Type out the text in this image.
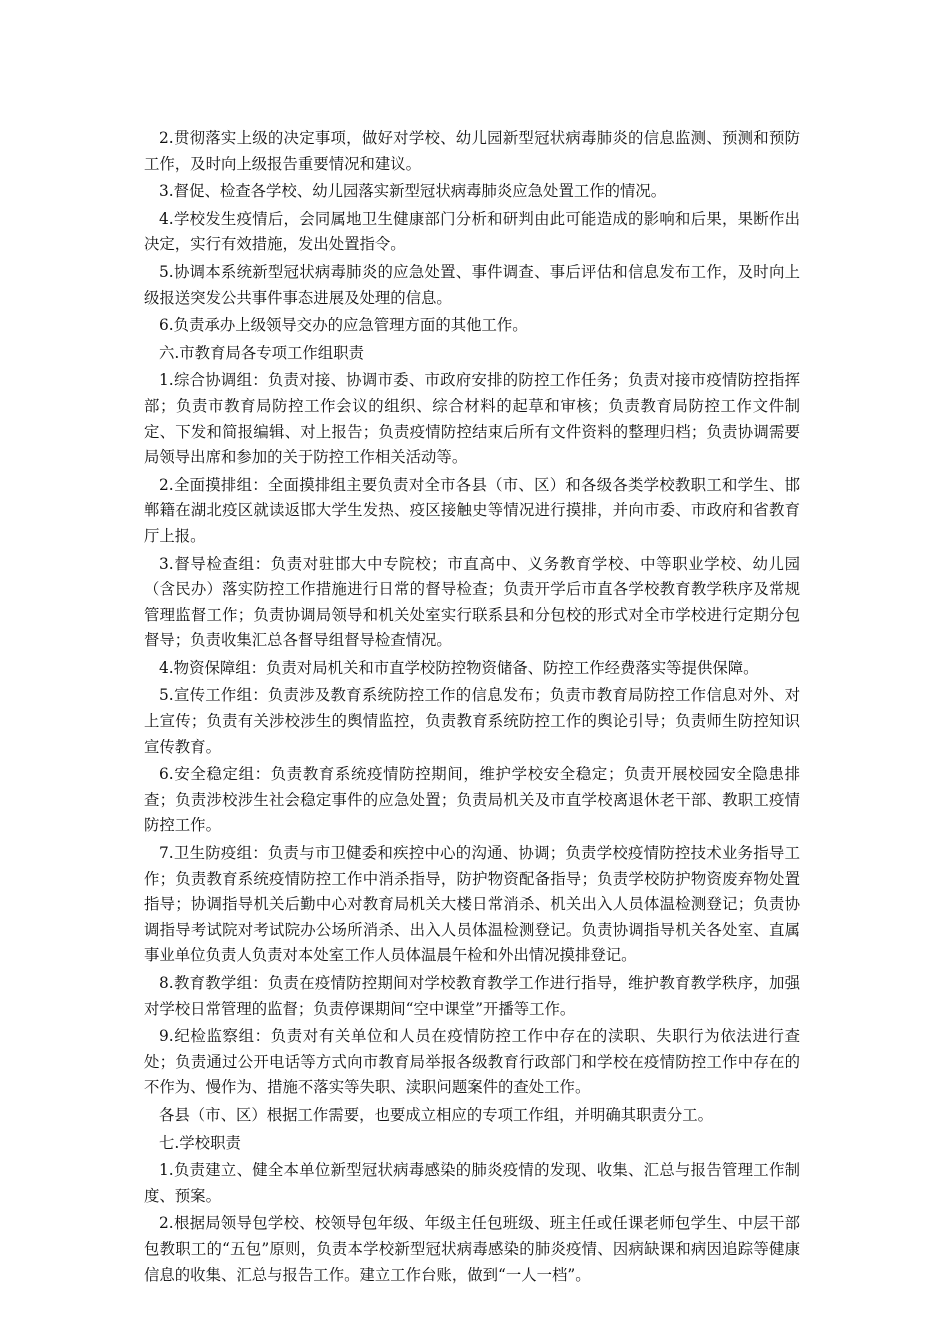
2.贯彻落实上级的决定事项，做好对学校、幼儿园新型冠状病毒肺炎的信息监测、预测和预防工作，及时向上级报告重要情况和建议。

3.督促、检查各学校、幼儿园落实新型冠状病毒肺炎应急处置工作的情况。

4.学校发生疫情后，会同属地卫生健康部门分析和研判由此可能造成的影响和后果，果断作出决定，实行有效措施，发出处置指令。

5.协调本系统新型冠状病毒肺炎的应急处置、事件调查、事后评估和信息发布工作，及时向上级报送突发公共事件事态进展及处理的信息。

6.负责承办上级领导交办的应急管理方面的其他工作。

六.市教育局各专项工作组职责

1.综合协调组：负责对接、协调市委、市政府安排的防控工作任务；负责对接市疫情防控指挥部；负责市教育局防控工作会议的组织、综合材料的起草和审核；负责教育局防控工作文件制定、下发和简报编辑、对上报告；负责疫情防控结束后所有文件资料的整理归档；负责协调需要局领导出席和参加的关于防控工作相关活动等。

2.全面摸排组：全面摸排组主要负责对全市各县（市、区）和各级各类学校教职工和学生、邯郸籍在湖北疫区就读返邯大学生发热、疫区接触史等情况进行摸排，并向市委、市政府和省教育厅上报。

3.督导检查组：负责对驻邯大中专院校；市直高中、义务教育学校、中等职业学校、幼儿园（含民办）落实防控工作措施进行日常的督导检查；负责开学后市直各学校教育教学秩序及常规管理监督工作；负责协调局领导和机关处室实行联系县和分包校的形式对全市学校进行定期分包督导；负责收集汇总各督导组督导检查情况。

4.物资保障组：负责对局机关和市直学校防控物资储备、防控工作经费落实等提供保障。

5.宣传工作组：负责涉及教育系统防控工作的信息发布；负责市教育局防控工作信息对外、对上宣传；负责有关涉校涉生的舆情监控，负责教育系统防控工作的舆论引导；负责师生防控知识宣传教育。

6.安全稳定组：负责教育系统疫情防控期间，维护学校安全稳定；负责开展校园安全隐患排查；负责涉校涉生社会稳定事件的应急处置；负责局机关及市直学校离退休老干部、教职工疫情防控工作。

7.卫生防疫组：负责与市卫健委和疾控中心的沟通、协调；负责学校疫情防控技术业务指导工作；负责教育系统疫情防控工作中消杀指导，防护物资配备指导；负责学校防护物资废弃物处置指导；协调指导机关后勤中心对教育局机关大楼日常消杀、机关出入人员体温检测登记；负责协调指导考试院对考试院办公场所消杀、出入人员体温检测登记。负责协调指导机关各处室、直属事业单位负责人负责对本处室工作人员体温晨午检和外出情况摸排登记。

8.教育教学组：负责在疫情防控期间对学校教育教学工作进行指导，维护教育教学秩序，加强对学校日常管理的监督；负责停课期间“空中课堂”开播等工作。

9.纪检监察组：负责对有关单位和人员在疫情防控工作中存在的渎职、失职行为依法进行查处；负责通过公开电话等方式向市教育局举报各级教育行政部门和学校在疫情防控工作中存在的不作为、慢作为、措施不落实等失职、渎职问题案件的查处工作。

各县（市、区）根据工作需要，也要成立相应的专项工作组，并明确其职责分工。

七.学校职责

1.负责建立、健全本单位新型冠状病毒感染的肺炎疫情的发现、收集、汇总与报告管理工作制度、预案。

2.根据局领导包学校、校领导包年级、年级主任包班级、班主任或任课老师包学生、中层干部包教职工的“五包”原则，负责本学校新型冠状病毒感染的肺炎疫情、因病缺课和病因追踪等健康信息的收集、汇总与报告工作。建立工作台账，做到“一人一档”。
